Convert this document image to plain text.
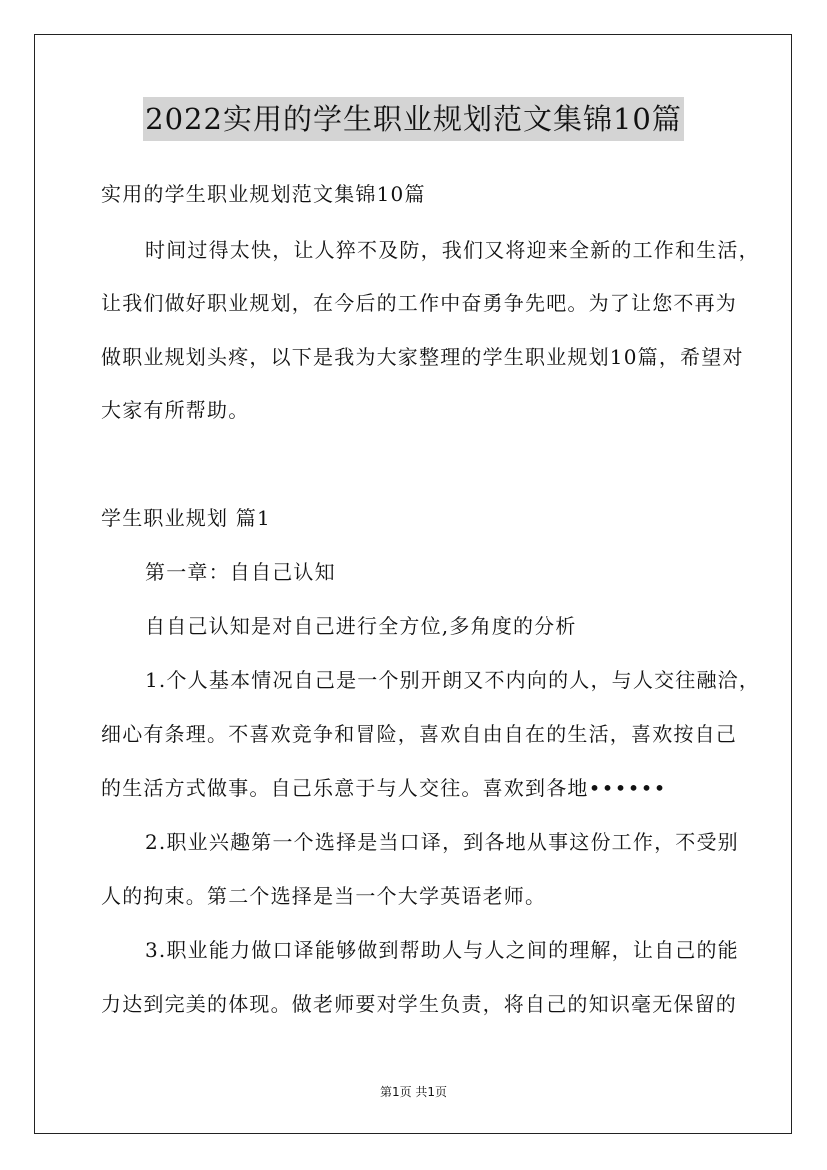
2022实用的学生职业规划范文集锦10篇
实用的学生职业规划范文集锦10篇
时间过得太快，让人猝不及防，我们又将迎来全新的工作和生活，
让我们做好职业规划，在今后的工作中奋勇争先吧。为了让您不再为
做职业规划头疼，以下是我为大家整理的学生职业规划10篇，希望对
大家有所帮助。
学生职业规划 篇1
第一章：自自己认知
自自己认知是对自己进行全方位,多角度的分析
1.个人基本情况自己是一个别开朗又不内向的人，与人交往融洽，
细心有条理。不喜欢竞争和冒险，喜欢自由自在的生活，喜欢按自己
的生活方式做事。自己乐意于与人交往。喜欢到各地••••••
2.职业兴趣第一个选择是当口译，到各地从事这份工作，不受别
人的拘束。第二个选择是当一个大学英语老师。
3.职业能力做口译能够做到帮助人与人之间的理解，让自己的能
力达到完美的体现。做老师要对学生负责，将自己的知识毫无保留的
第1页 共1页
